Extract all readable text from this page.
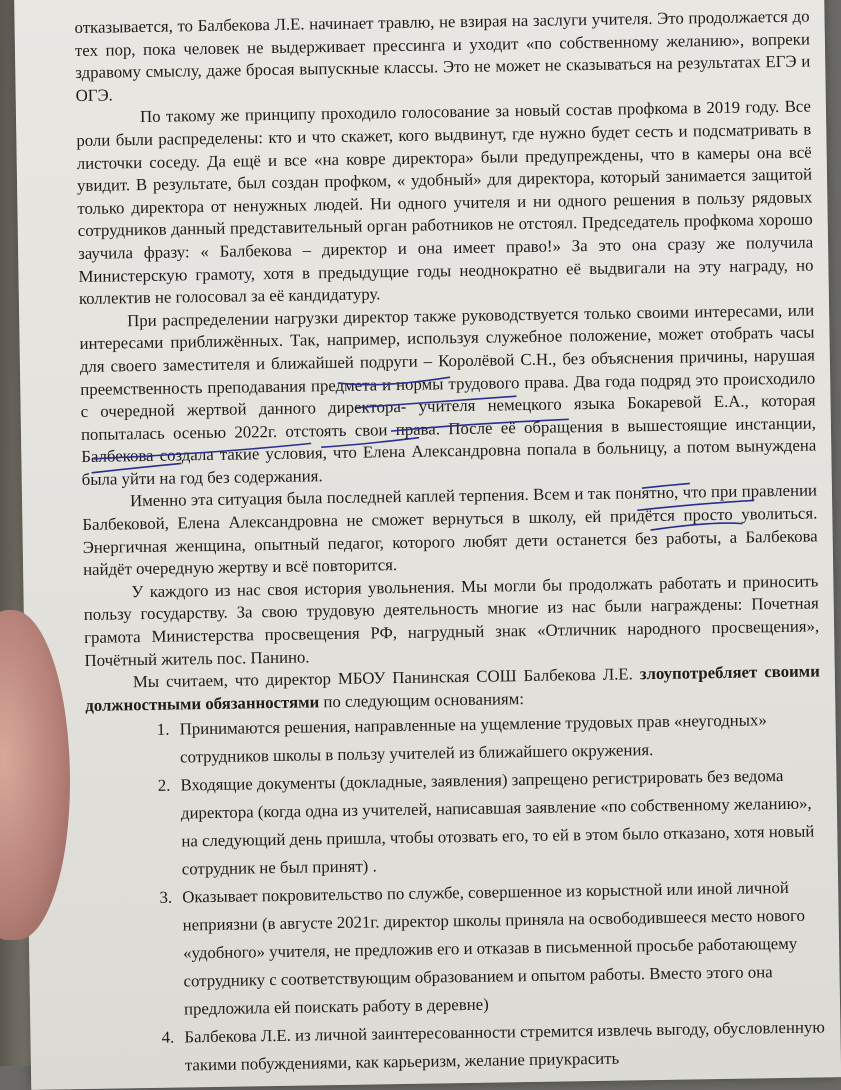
отказывается, то Балбекова Л.Е. начинает травлю, не взирая на заслуги учителя. Это продолжается до тех пор, пока человек не выдерживает прессинга и уходит «по собственному желанию», вопреки здравому смыслу, даже бросая выпускные классы. Это не может не сказываться на результатах ЕГЭ и ОГЭ.

По такому же принципу проходило голосование за новый состав профкома в 2019 году. Все роли были распределены: кто и что скажет, кого выдвинут, где нужно будет сесть и подсматривать в листочки соседу. Да ещё и все «на ковре директора» были предупреждены, что в камеры она всё увидит. В результате, был создан профком, « удобный» для директора, который занимается защитой только директора от ненужных людей. Ни одного учителя и ни одного решения в пользу рядовых сотрудников данный представительный орган работников не отстоял. Председатель профкома хорошо заучила фразу: « Балбекова – директор и она имеет право!» За это она сразу же получила Министерскую грамоту, хотя в предыдущие годы неоднократно её выдвигали на эту награду, но коллектив не голосовал за её кандидатуру.

При распределении нагрузки директор также руководствуется только своими интересами, или интересами приближённых. Так, например, используя служебное положение, может отобрать часы для своего заместителя и ближайшей подруги – Королёвой С.Н., без объяснения причины, нарушая преемственность преподавания предмета и нормы трудового права. Два года подряд это происходило с очередной жертвой данного директора- учителя немецкого языка Бокаревой Е.А., которая попыталась осенью 2022г. отстоять свои права. После её обращения в вышестоящие инстанции, Балбекова создала такие условия, что Елена Александровна попала в больницу, а потом вынуждена была уйти на год без содержания.

Именно эта ситуация была последней каплей терпения. Всем и так понятно, что при правлении Балбековой, Елена Александровна не сможет вернуться в школу, ей придётся просто уволиться. Энергичная женщина, опытный педагог, которого любят дети останется без работы, а Балбекова найдёт очередную жертву и всё повторится.

У каждого из нас своя история увольнения. Мы могли бы продолжать работать и приносить пользу государству. За свою трудовую деятельность многие из нас были награждены: Почетная грамота Министерства просвещения РФ, нагрудный знак «Отличник народного просвещения», Почётный житель пос. Панино.

Мы считаем, что директор МБОУ Панинская СОШ Балбекова Л.Е. злоупотребляет своими должностными обязанностями по следующим основаниям:

1. Принимаются решения, направленные на ущемление трудовых прав «неугодных» сотрудников школы в пользу учителей из ближайшего окружения.
2. Входящие документы (докладные, заявления) запрещено регистрировать без ведома директора (когда одна из учителей, написавшая заявление «по собственному желанию», на следующий день пришла, чтобы отозвать его, то ей в этом было отказано, хотя новый сотрудник не был принят) .
3. Оказывает покровительство по службе, совершенное из корыстной или иной личной неприязни (в августе 2021г. директор школы приняла на освободившееся место нового «удобного» учителя, не предложив его и отказав в письменной просьбе работающему сотруднику с соответствующим образованием и опытом работы. Вместо этого она предложила ей поискать работу в деревне)
4. Балбекова Л.Е. из личной заинтересованности стремится извлечь выгоду, обусловленную такими побуждениями, как карьеризм, желание приукрасить
